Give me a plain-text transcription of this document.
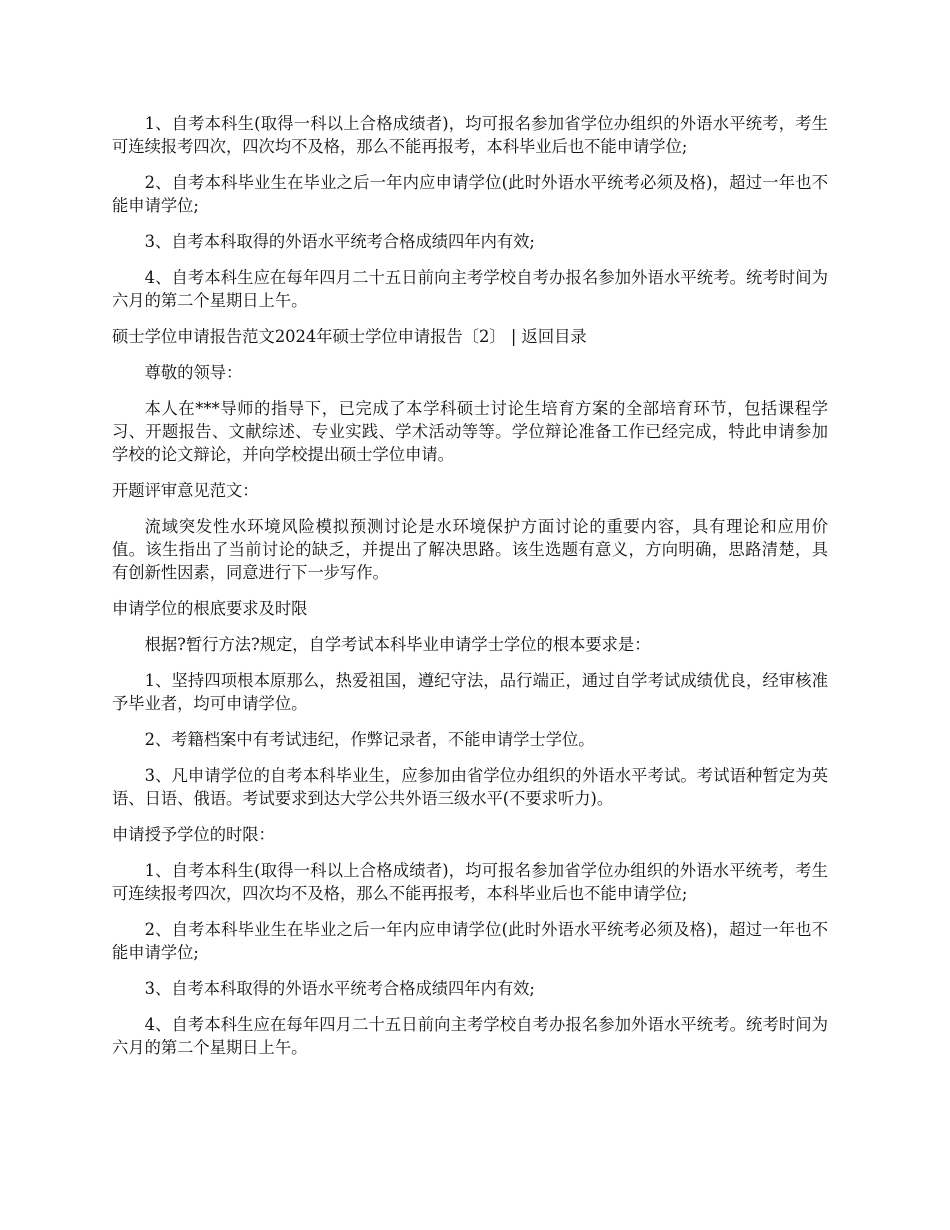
1、自考本科生(取得一科以上合格成绩者)，均可报名参加省学位办组织的外语水平统考，考生可连续报考四次，四次均不及格，那么不能再报考，本科毕业后也不能申请学位;

2、自考本科毕业生在毕业之后一年内应申请学位(此时外语水平统考必须及格)，超过一年也不能申请学位;

3、自考本科取得的外语水平统考合格成绩四年内有效;

4、自考本科生应在每年四月二十五日前向主考学校自考办报名参加外语水平统考。统考时间为六月的第二个星期日上午。

硕士学位申请报告范文2024年硕士学位申请报告〔2〕 | 返回目录

尊敬的领导：

本人在***导师的指导下，已完成了本学科硕士讨论生培育方案的全部培育环节，包括课程学习、开题报告、文献综述、专业实践、学术活动等等。学位辩论准备工作已经完成，特此申请参加学校的论文辩论，并向学校提出硕士学位申请。

开题评审意见范文：

流域突发性水环境风险模拟预测讨论是水环境保护方面讨论的重要内容，具有理论和应用价值。该生指出了当前讨论的缺乏，并提出了解决思路。该生选题有意义，方向明确，思路清楚，具有创新性因素，同意进行下一步写作。

申请学位的根底要求及时限

根据?暂行方法?规定，自学考试本科毕业申请学士学位的根本要求是：

1、坚持四项根本原那么，热爱祖国，遵纪守法，品行端正，通过自学考试成绩优良，经审核准予毕业者，均可申请学位。

2、考籍档案中有考试违纪，作弊记录者，不能申请学士学位。

3、凡申请学位的自考本科毕业生，应参加由省学位办组织的外语水平考试。考试语种暂定为英语、日语、俄语。考试要求到达大学公共外语三级水平(不要求听力)。

申请授予学位的时限：

1、自考本科生(取得一科以上合格成绩者)，均可报名参加省学位办组织的外语水平统考，考生可连续报考四次，四次均不及格，那么不能再报考，本科毕业后也不能申请学位;

2、自考本科毕业生在毕业之后一年内应申请学位(此时外语水平统考必须及格)，超过一年也不能申请学位;

3、自考本科取得的外语水平统考合格成绩四年内有效;

4、自考本科生应在每年四月二十五日前向主考学校自考办报名参加外语水平统考。统考时间为六月的第二个星期日上午。
